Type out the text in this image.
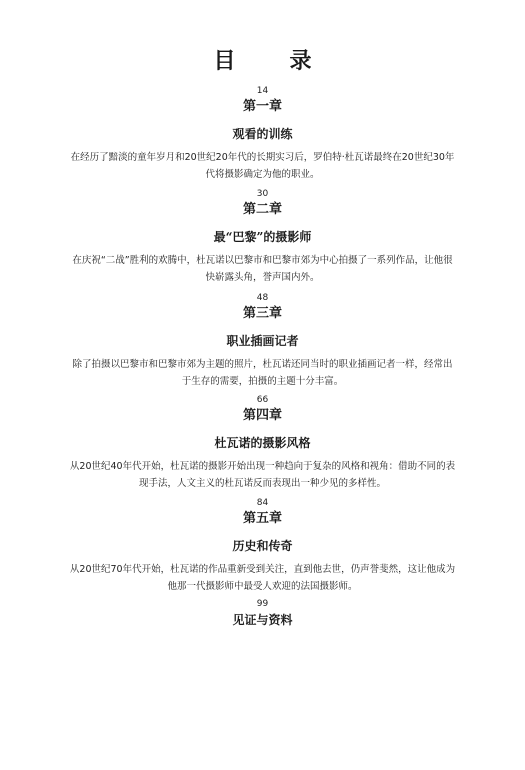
目　录
14
第一章
观看的训练
在经历了黯淡的童年岁月和20世纪20年代的长期实习后，罗伯特·杜瓦诺最终在20世纪30年代将摄影确定为他的职业。
30
第二章
最“巴黎”的摄影师
在庆祝“二战”胜利的欢腾中，杜瓦诺以巴黎市和巴黎市郊为中心拍摄了一系列作品，让他很快崭露头角，誉声国内外。
48
第三章
职业插画记者
除了拍摄以巴黎市和巴黎市郊为主题的照片，杜瓦诺还同当时的职业插画记者一样，经常出于生存的需要，拍摄的主题十分丰富。
66
第四章
杜瓦诺的摄影风格
从20世纪40年代开始，杜瓦诺的摄影开始出现一种趋向于复杂的风格和视角：借助不同的表现手法，人文主义的杜瓦诺反而表现出一种少见的多样性。
84
第五章
历史和传奇
从20世纪70年代开始，杜瓦诺的作品重新受到关注，直到他去世，仍声誉斐然，这让他成为他那一代摄影师中最受人欢迎的法国摄影师。
99
见证与资料
